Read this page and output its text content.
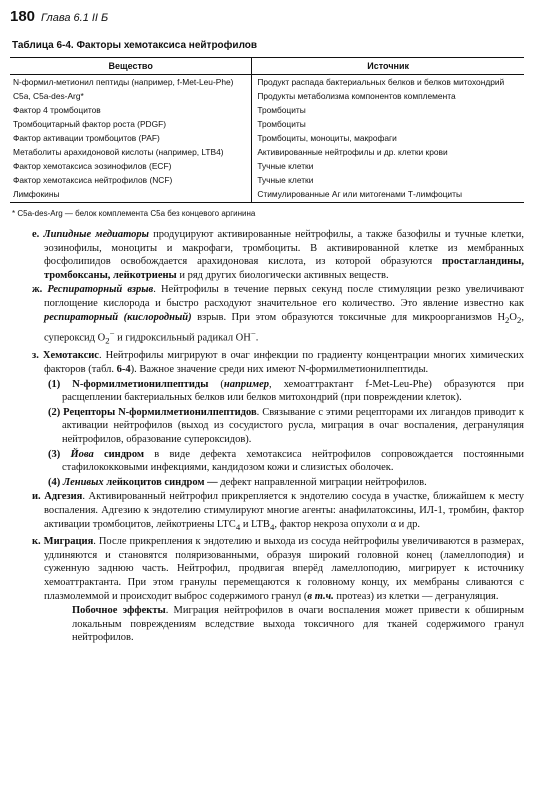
180 Глава 6.1 II Б
Таблица 6-4. Факторы хемотаксиса нейтрофилов
Вещество	Источник
N-формил-метионил пептиды (например, f-Met-Leu-Phe)	Продукт распада бактериальных белков и белков митохондрий
C5a, C5a-des-Arg*	Продукты метаболизма компонентов комплемента
Фактор 4 тромбоцитов	Тромбоциты
Тромбоцитарный фактор роста (PDGF)	Тромбоциты
Фактор активации тромбоцитов (PAF)	Тромбоциты, моноциты, макрофаги
Метаболиты арахидоновой кислоты (например, LTB4)	Активированные нейтрофилы и др. клетки крови
Фактор хемотаксиса эозинофилов (ECF)	Тучные клетки
Фактор хемотаксиса нейтрофилов (NCF)	Тучные клетки
Лимфокины	Стимулированные Аг или митогенами Т-лимфоциты
* C5a-des-Arg — белок комплемента C5a без концевого аргинина

е. Липидные медиаторы продуцируют активированные нейтрофилы, а также базофилы и тучные клетки, эозинофилы, моноциты и макрофаги, тромбоциты. В активированной клетке из мембранных фосфолипидов освобождается арахидоновая кислота, из которой образуются простагландины, тромбоксаны, лейкотриены и ряд других биологически активных веществ.

ж. Респираторный взрыв. Нейтрофилы в течение первых секунд после стимуляции резко увеличивают поглощение кислорода и быстро расходуют значительное его количество. Это явление известно как респираторный (кислородный) взрыв. При этом образуются токсичные для микроорганизмов $H_2O_2$, супероксид $O_2^-$ и гидроксильный радикал OH−.

з. Хемотаксис. Нейтрофилы мигрируют в очаг инфекции по градиенту концентрации многих химических факторов (табл. 6-4). Важное значение среди них имеют N-формилметионилпептиды.

(1) N-формилметионилпептиды (например, хемоаттрактант f-Met-Leu-Phe) образуются при расщеплении бактериальных белков или белков митохондрий (при повреждении клеток).

(2) Рецепторы N-формилметионилпептидов. Связывание с этими рецепторами их лигандов приводит к активации нейтрофилов (выход из сосудистого русла, миграция в очаг воспаления, дегрануляция нейтрофилов, образование супероксидов).

(3) Йова синдром в виде дефекта хемотаксиса нейтрофилов сопровождается постоянными стафилококковыми инфекциями, кандидозом кожи и слизистых оболочек.

(4) Ленивых лейкоцитов синдром — дефект направленной миграции нейтрофилов.

и. Адгезия. Активированный нейтрофил прикрепляется к эндотелию сосуда в участке, ближайшем к месту воспаления. Адгезию к эндотелию стимулируют многие агенты: анафилатоксины, ИЛ-1, тромбин, фактор активации тромбоцитов, лейкотриены $LTC_4$ и $LTB_4$, фактор некроза опухоли α и др.

к. Миграция. После прикрепления к эндотелию и выхода из сосуда нейтрофилы увеличиваются в размерах, удлиняются и становятся поляризованными, образуя широкий головной конец (ламеллоподия) и суженную заднюю часть. Нейтрофил, продвигая вперёд ламеллоподию, мигрирует к источнику хемоаттрактанта. При этом гранулы перемещаются к головному концу, их мембраны сливаются с плазмолеммой и происходит выброс содержимого гранул (в т.ч. протеаз) из клетки — дегрануляция.

Побочное эффекты. Миграция нейтрофилов в очаги воспаления может привести к обширным локальным повреждениям вследствие выхода токсичного для тканей содержимого гранул нейтрофилов.
